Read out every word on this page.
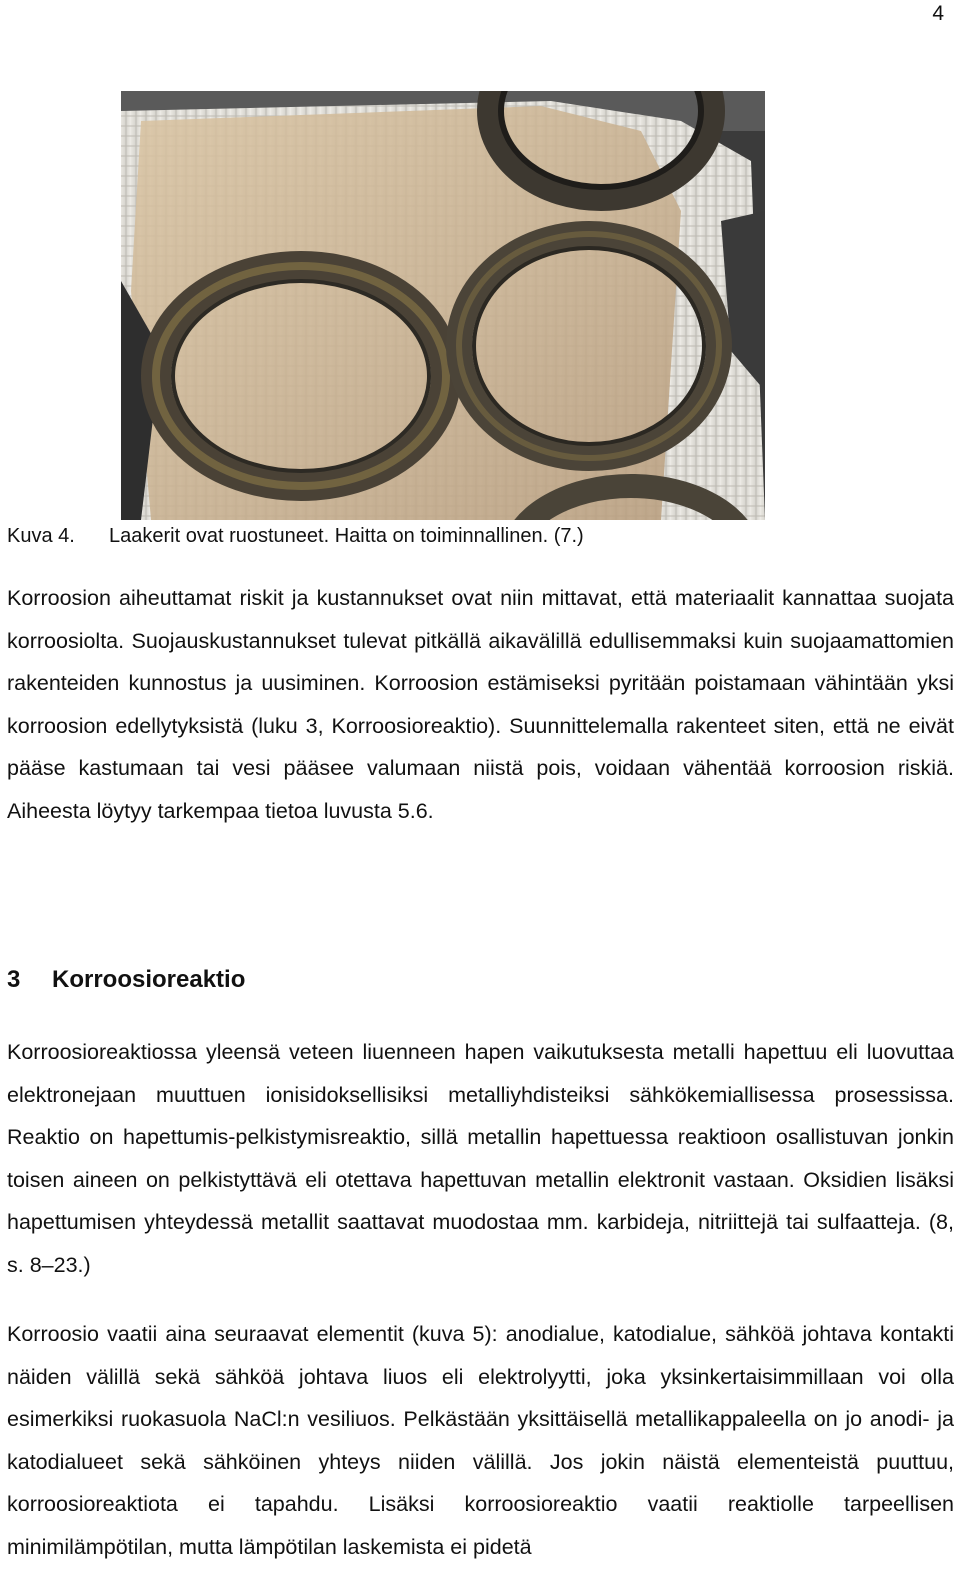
4
Kuva 4. Laakerit ovat ruostuneet. Haitta on toiminnallinen. (7.)

Korroosion aiheuttamat riskit ja kustannukset ovat niin mittavat, että materiaalit kannattaa suojata korroosiolta. Suojauskustannukset tulevat pitkällä aikavälillä edullisemmaksi kuin suojaamattomien rakenteiden kunnostus ja uusiminen. Korroosion estämiseksi pyritään poistamaan vähintään yksi korroosion edellytyksistä (luku 3, Korroosioreaktio). Suunnittelemalla rakenteet siten, että ne eivät pääse kastumaan tai vesi pääsee valumaan niistä pois, voidaan vähentää korroosion riskiä. Aiheesta löytyy tarkempaa tietoa luvusta 5.6.

3 Korroosioreaktio

Korroosioreaktiossa yleensä veteen liuenneen hapen vaikutuksesta metalli hapettuu eli luovuttaa elektronejaan muuttuen ionisidoksellisiksi metalliyhdisteiksi sähkökemiallisessa prosessissa. Reaktio on hapettumis-pelkistymisreaktio, sillä metallin hapettuessa reaktioon osallistuvan jonkin toisen aineen on pelkistyttävä eli otettava hapettuvan metallin elektronit vastaan. Oksidien lisäksi hapettumisen yhteydessä metallit saattavat muodostaa mm. karbideja, nitriittejä tai sulfaatteja. (8, s. 8–23.)

Korroosio vaatii aina seuraavat elementit (kuva 5): anodialue, katodialue, sähköä johtava kontakti näiden välillä sekä sähköä johtava liuos eli elektrolyytti, joka yksinkertaisimmillaan voi olla esimerkiksi ruokasuola NaCl:n vesiliuos. Pelkästään yksittäisellä metallikappaleella on jo anodi- ja katodialueet sekä sähköinen yhteys niiden välillä. Jos jokin näistä elementeistä puuttuu, korroosioreaktiota ei tapahdu. Lisäksi korroosioreaktio vaatii reaktiolle tarpeellisen minimilämpötilan, mutta lämpötilan laskemista ei pidetä
